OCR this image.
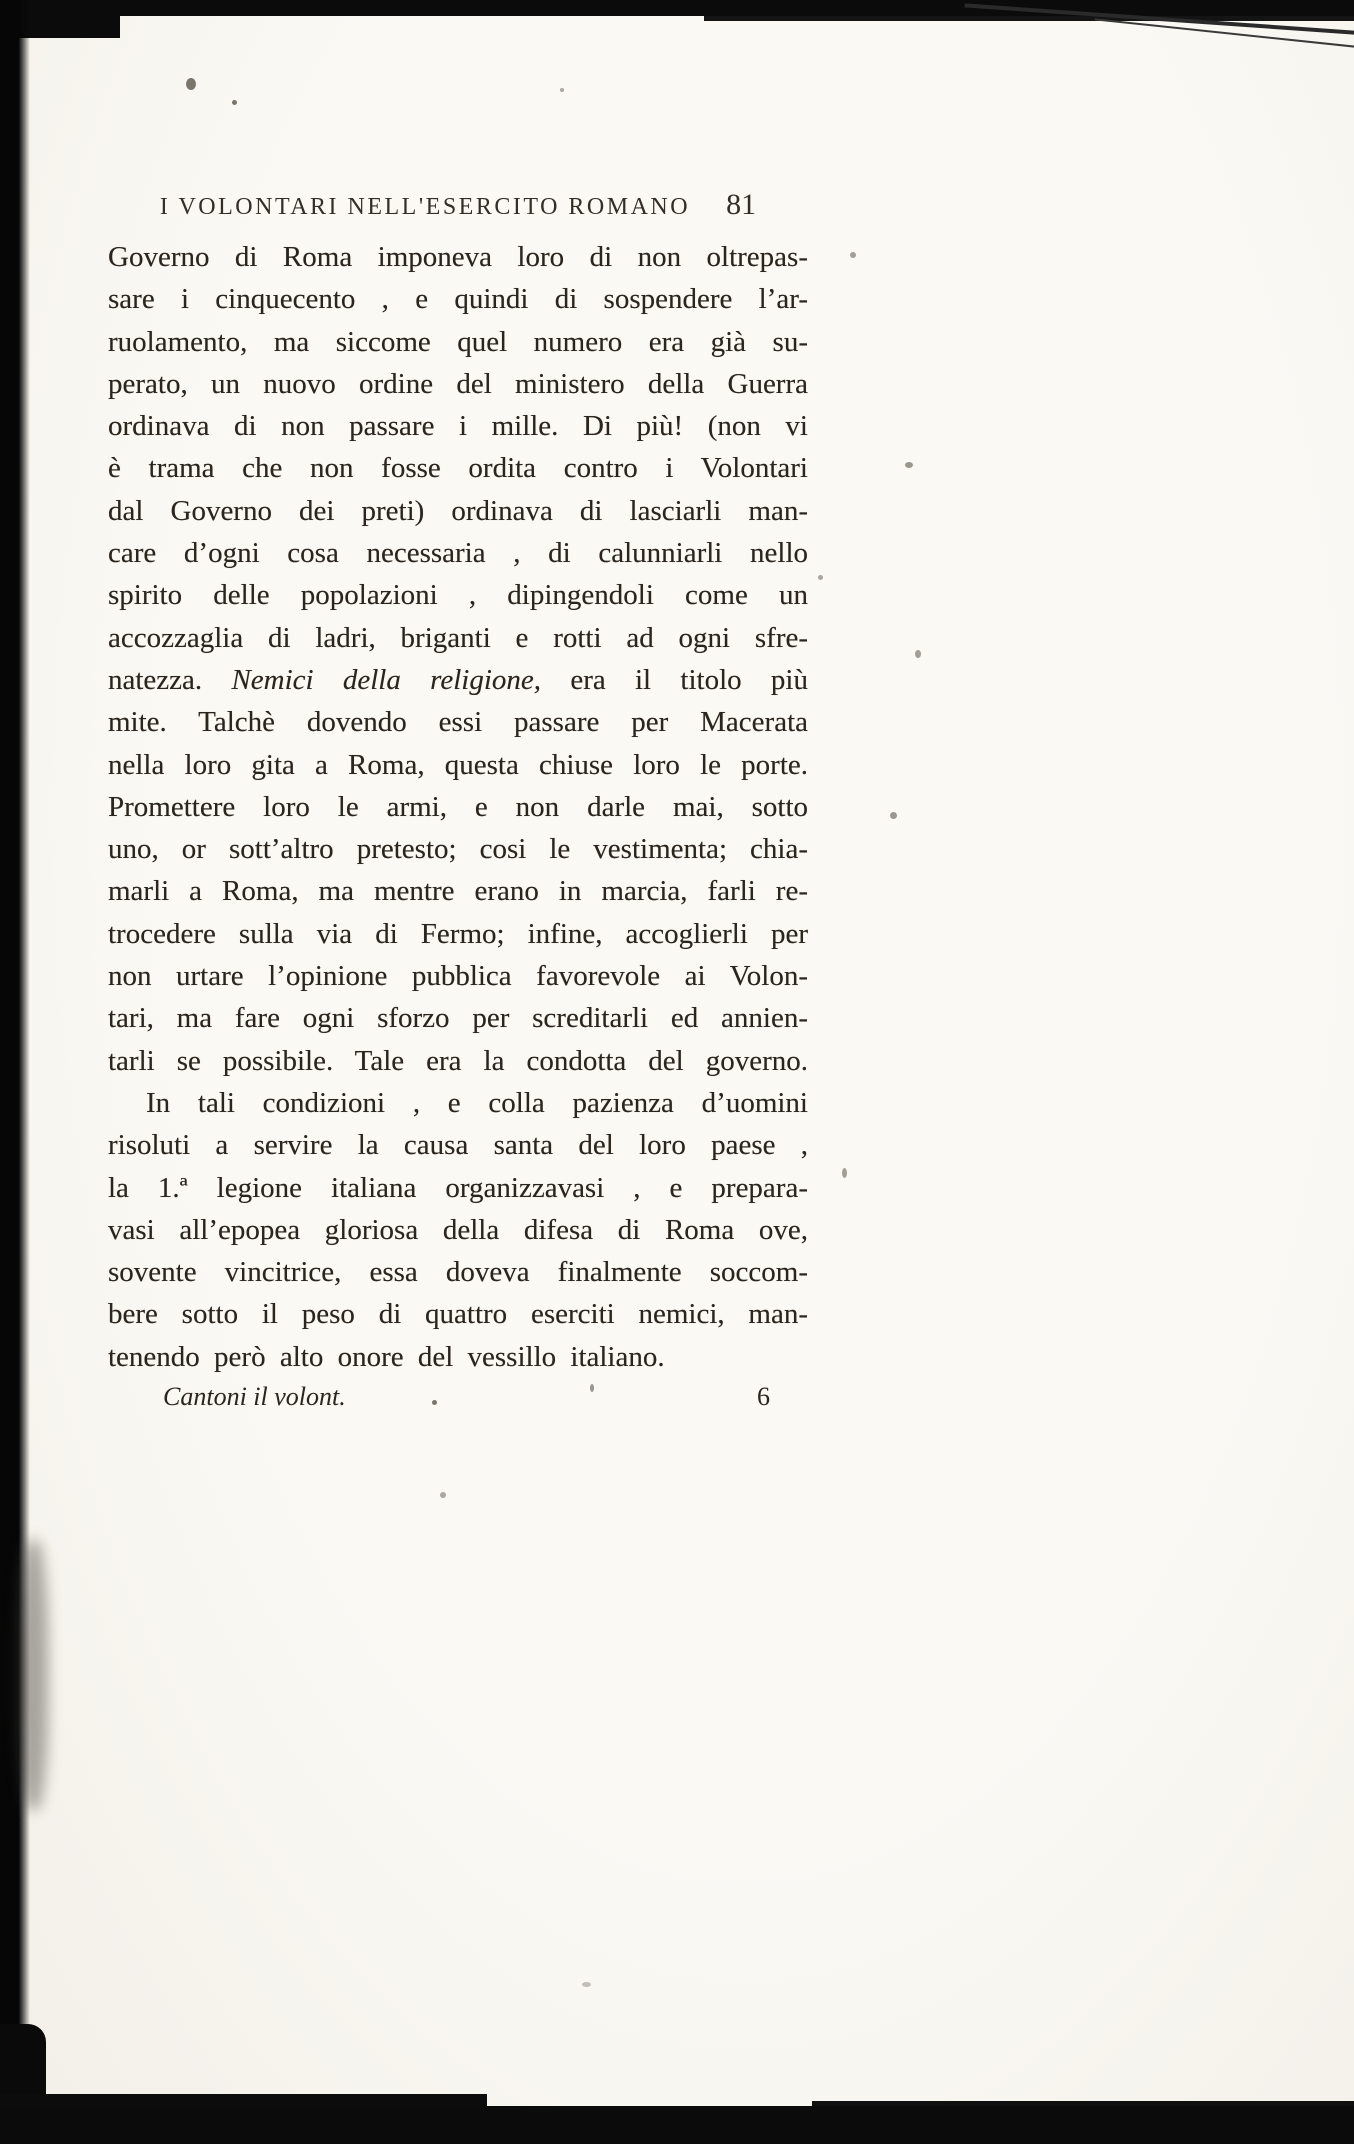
I VOLONTARI NELL'ESERCITO ROMANO 81
Governo di Roma imponeva loro di non oltrepas-
sare i cinquecento , e quindi di sospendere l’ar-
ruolamento, ma siccome quel numero era già su-
perato, un nuovo ordine del ministero della Guerra
ordinava di non passare i mille. Di più! (non vi
è trama che non fosse ordita contro i Volontari
dal Governo dei preti) ordinava di lasciarli man-
care d’ogni cosa necessaria , di calunniarli nello
spirito delle popolazioni , dipingendoli come un
accozzaglia di ladri, briganti e rotti ad ogni sfre-
natezza. Nemici della religione, era il titolo più
mite. Talchè dovendo essi passare per Macerata
nella loro gita a Roma, questa chiuse loro le porte.
Promettere loro le armi, e non darle mai, sotto
uno, or sott’altro pretesto; cosi le vestimenta; chia-
marli a Roma, ma mentre erano in marcia, farli re-
trocedere sulla via di Fermo; infine, accoglierli per
non urtare l’opinione pubblica favorevole ai Volon-
tari, ma fare ogni sforzo per screditarli ed annien-
tarli se possibile. Tale era la condotta del governo.
In tali condizioni , e colla pazienza d’uomini
risoluti a servire la causa santa del loro paese ,
la 1.ª legione italiana organizzavasi , e prepara-
vasi all’epopea gloriosa della difesa di Roma ove,
sovente vincitrice, essa doveva finalmente soccom-
bere sotto il peso di quattro eserciti nemici, man-
tenendo però alto onore del vessillo italiano.
Cantoni il volont.	6
